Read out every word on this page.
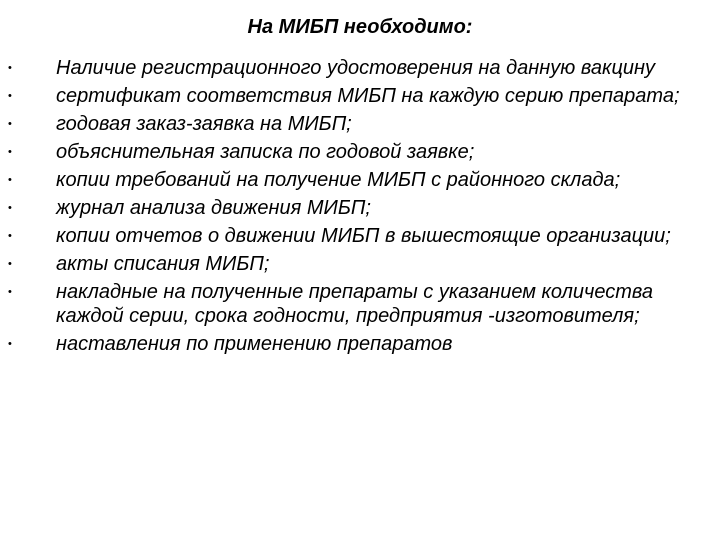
На МИБП необходимо:
•	Наличие регистрационного удостоверения на данную вакцину
•	сертификат соответствия МИБП на каждую серию препарата;
•	годовая заказ-заявка на МИБП;
•	объяснительная записка по годовой заявке;
•	копии требований на получение МИБП с районного склада;
•	журнал анализа движения МИБП;
•	копии отчетов о движении МИБП в вышестоящие организации;
•	акты списания МИБП;
•	накладные на полученные препараты с указанием количества каждой серии, срока годности, предприятия -изготовителя;
•	наставления по применению препаратов
